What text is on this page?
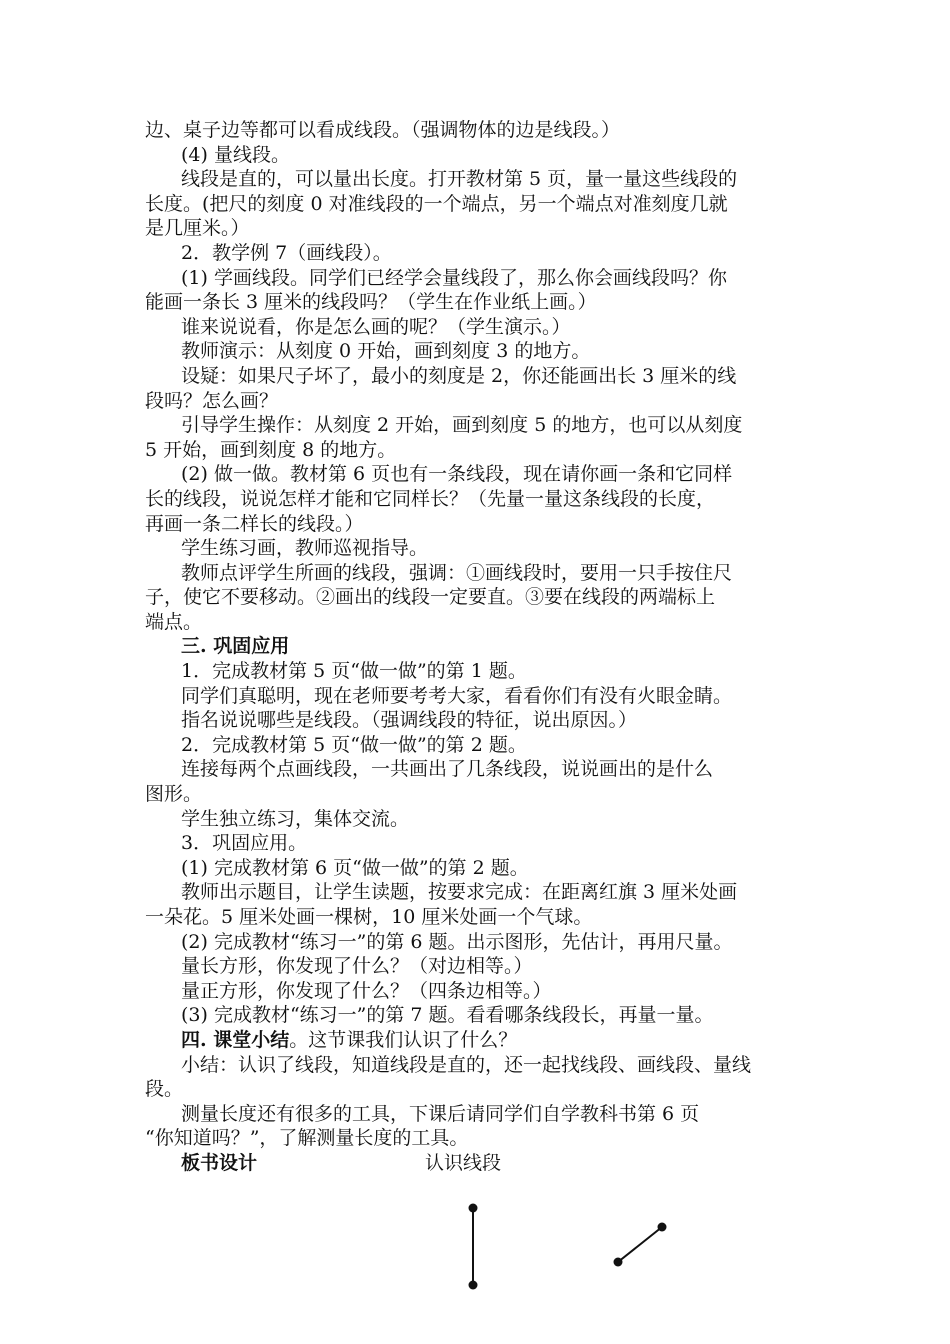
边、桌子边等都可以看成线段。（强调物体的边是线段。）
(4) 量线段。
线段是直的，可以量出长度。打开教材第 5 页，量一量这些线段的
长度。(把尺的刻度 0 对准线段的一个端点，另一个端点对准刻度几就
是几厘米。）
2．教学例 7（画线段）。
(1) 学画线段。同学们已经学会量线段了，那么你会画线段吗？你
能画一条长 3 厘米的线段吗？（学生在作业纸上画。）
谁来说说看，你是怎么画的呢？（学生演示。）
教师演示：从刻度 0 开始，画到刻度 3 的地方。
设疑：如果尺子坏了，最小的刻度是 2，你还能画出长 3 厘米的线
段吗？怎么画？
引导学生操作：从刻度 2 开始，画到刻度 5 的地方，也可以从刻度
5 开始，画到刻度 8 的地方。
(2) 做一做。教材第 6 页也有一条线段，现在请你画一条和它同样
长的线段，说说怎样才能和它同样长？（先量一量这条线段的长度，
再画一条二样长的线段。）
学生练习画，教师巡视指导。
教师点评学生所画的线段，强调：①画线段时，要用一只手按住尺
子，使它不要移动。②画出的线段一定要直。③要在线段的两端标上
端点。
三. 巩固应用
1．完成教材第 5 页“做一做”的第 1 题。
同学们真聪明，现在老师要考考大家，看看你们有没有火眼金睛。
指名说说哪些是线段。（强调线段的特征，说出原因。）
2．完成教材第 5 页“做一做”的第 2 题。
连接每两个点画线段，一共画出了几条线段，说说画出的是什么
图形。
学生独立练习，集体交流。
3．巩固应用。
(1) 完成教材第 6 页“做一做”的第 2 题。
教师出示题目，让学生读题，按要求完成：在距离红旗 3 厘米处画
一朵花。5 厘米处画一棵树，10 厘米处画一个气球。
(2) 完成教材“练习一”的第 6 题。出示图形，先估计，再用尺量。
量长方形，你发现了什么？（对边相等。）
量正方形，你发现了什么？（四条边相等。）
(3) 完成教材“练习一”的第 7 题。看看哪条线段长，再量一量。
四. 课堂小结。这节课我们认识了什么？
小结：认识了线段，知道线段是直的，还一起找线段、画线段、量线
段。
测量长度还有很多的工具，下课后请同学们自学教科书第 6 页
“你知道吗？”，了解测量长度的工具。
板书设计	认识线段
